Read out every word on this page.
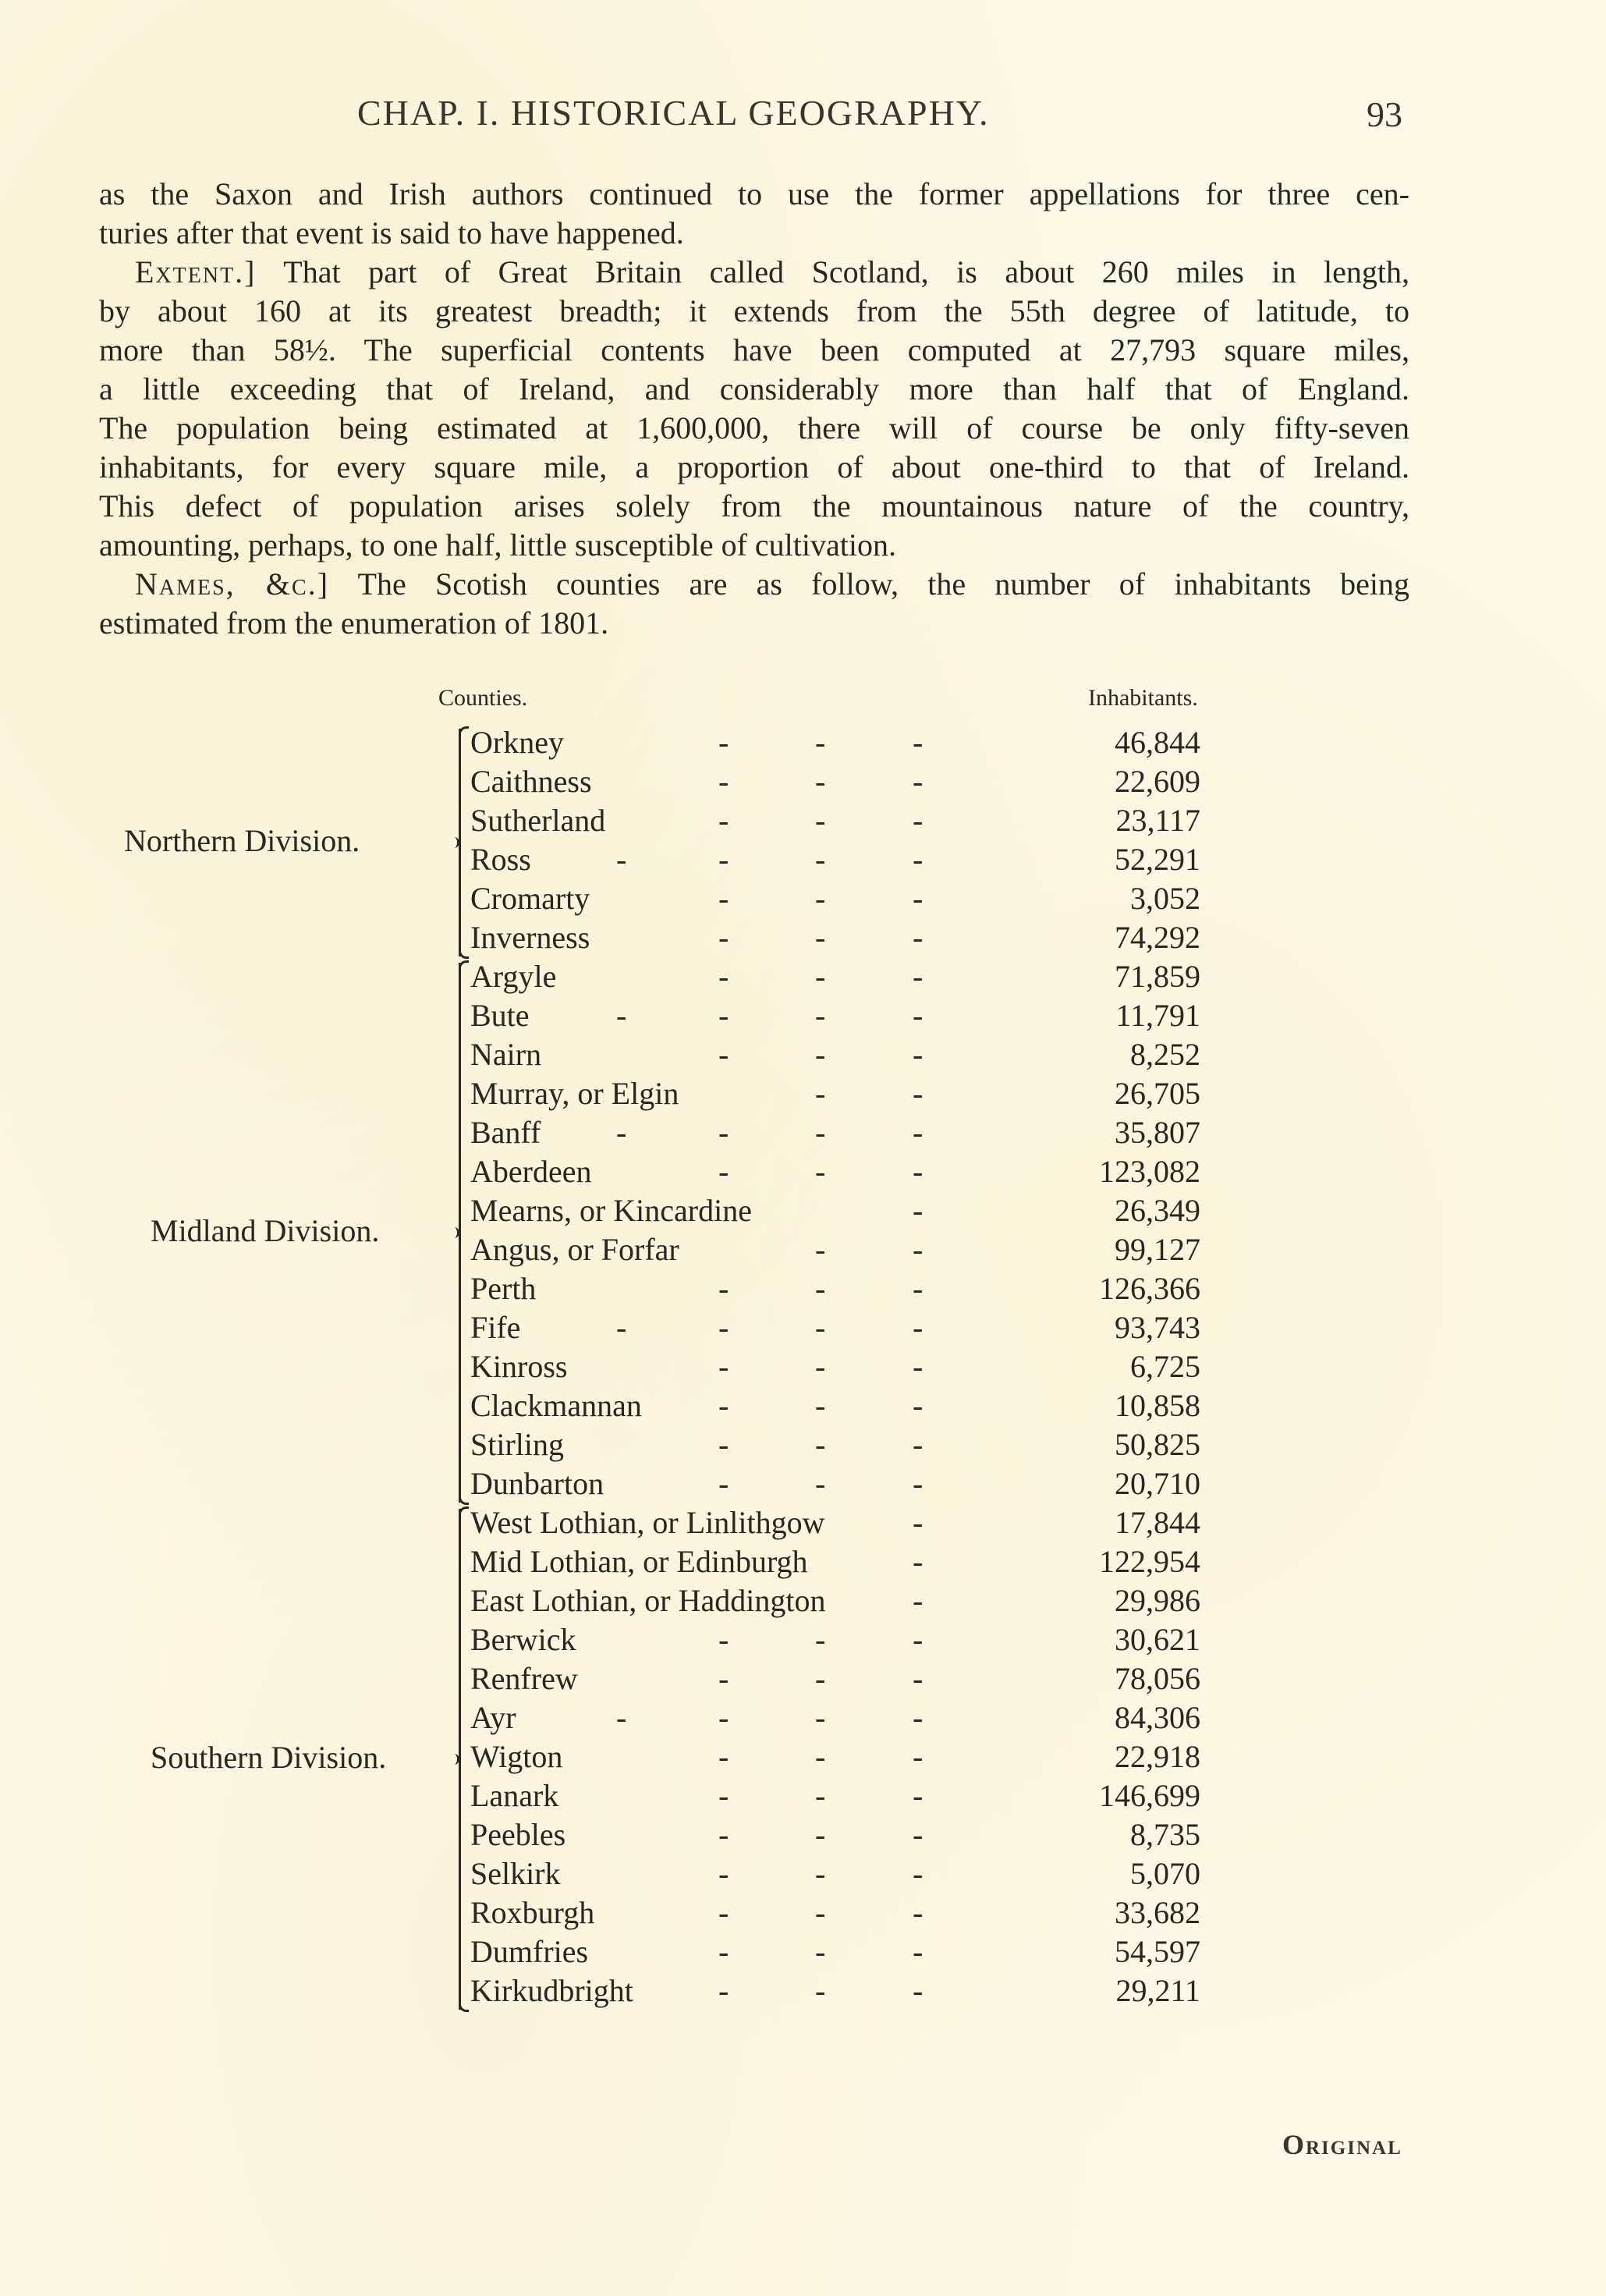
CHAP. I. HISTORICAL GEOGRAPHY.	93
as the Saxon and Irish authors continued to use the former appellations for three cen-
turies after that event is said to have happened.
Extent.] That part of Great Britain called Scotland, is about 260 miles in length,
by about 160 at its greatest breadth; it extends from the 55th degree of latitude, to
more than 58½. The superficial contents have been computed at 27,793 square miles,
a little exceeding that of Ireland, and considerably more than half that of England.
The population being estimated at 1,600,000, there will of course be only fifty-seven
inhabitants, for every square mile, a proportion of about one-third to that of Ireland.
This defect of population arises solely from the mountainous nature of the country,
amounting, perhaps, to one half, little susceptible of cultivation.
Names, &c.] The Scotish counties are as follow, the number of inhabitants being
estimated from the enumeration of 1801.
Counties.	Inhabitants.
Orkney	-	-	-	46,844
Caithness	-	-	-	22,609
Sutherland	-	-	-	23,117
Ross	-	-	-	-	52,291
Cromarty	-	-	-	3,052
Inverness	-	-	-	74,292
Northern Division.
Argyle	-	-	-	71,859
Bute	-	-	-	-	11,791
Nairn	-	-	-	8,252
Murray, or Elgin	-	-	26,705
Banff -	-	-	-	35,807
Aberdeen	-	-	-	123,082
Mearns, or Kincardine	-	26,349
Angus, or Forfar	-	-	99,127
Perth	-	-	-	126,366
Fife	-	-	-	-	93,743
Kinross	-	-	-	6,725
Clackmannan -	-	-	10,858
Stirling	-	-	-	50,825
Dunbarton	-	-	-	20,710
Midland Division.
West Lothian, or Linlithgow	-	17,844
Mid Lothian, or Edinburgh	-	122,954
East Lothian, or Haddington	-	29,986
Berwick	-	-	-	30,621
Renfrew	-	-	-	78,056
Ayr	-	-	-	-	84,306
Wigton	-	-	-	22,918
Lanark	-	-	-	146,699
Peebles	-	-	-	8,735
Selkirk	-	-	-	5,070
Roxburgh	-	-	-	33,682
Dumfries	-	-	-	54,597
Kirkudbright	-	-	-	29,211
Southern Division.
Original
